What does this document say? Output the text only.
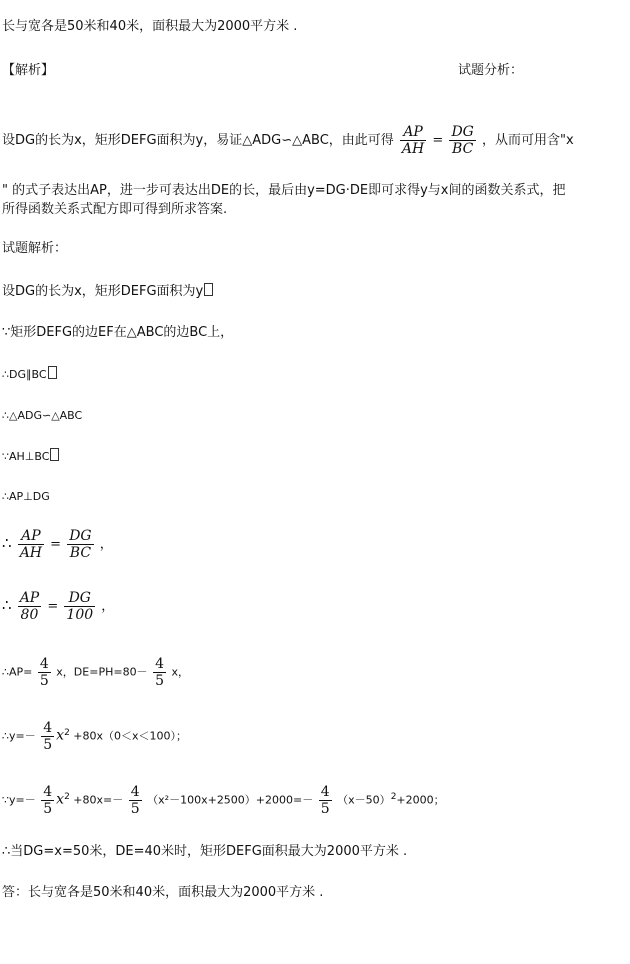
长与宽各是50米和40米，面积最大为2000平方米 .
【解析】	试题分析：
设DG的长为x，矩形DEFG面积为y，易证△ADG∽△ABC，由此可得 $\frac{AP}{AH} = \frac{DG}{BC}$ ，从而可用含"x
" 的式子表达出AP，进一步可表达出DE的长，最后由y=DG·DE即可求得y与x间的函数关系式，把
所得函数关系式配方即可得到所求答案.
试题解析：
设DG的长为x，矩形DEFG面积为y
∵矩形DEFG的边EF在△ABC的边BC上，
∴DG∥BC
∴△ADG∽△ABC
∵AH⊥BC
∴AP⊥DG
∴ $\frac{AP}{AH} = \frac{DG}{BC}$ ，
∴ $\frac{AP}{80} = \frac{DG}{100}$ ，
∴AP= $\frac{4}{5}$ x，$DE=PH=80- \frac{4}{5}$ x，
∴y=－ $\frac{4}{5} x^2 +80x(0<x<100)$；
∵y=－ $\frac{4}{5} x^2 +80x=- \frac{4}{5} (x^2-100x+2500)+2000=- \frac{4}{5} (x-50)^2+2000$；
∴当DG=x=50米，DE=40米时，矩形DEFG面积最大为2000平方米 .
答：长与宽各是50米和40米，面积最大为2000平方米 .
